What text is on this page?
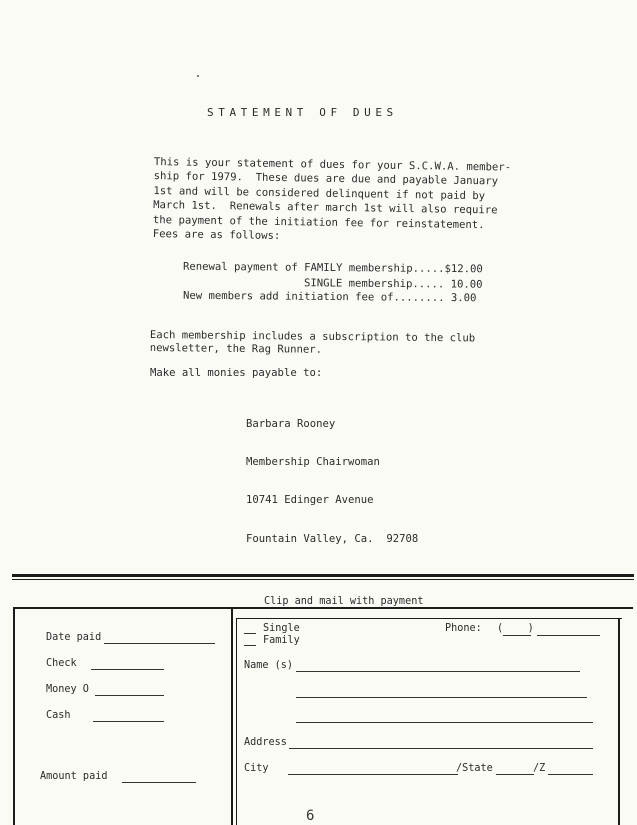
STATEMENT OF DUES
This is your statement of dues for your S.C.W.A. member-
ship for 1979.  These dues are due and payable January
1st and will be considered delinquent if not paid by
March 1st.  Renewals after march 1st will also require
the payment of the initiation fee for reinstatement.
Fees are as follows:
Renewal payment of FAMILY membership.....$12.00
SINGLE membership..... 10.00
New members add initiation fee of........ 3.00
Each membership includes a subscription to the club
newsletter, the Rag Runner.
Make all monies payable to:

Barbara Rooney

Membership Chairwoman

10741 Edinger Avenue

Fountain Valley, Ca.  92708

Clip and mail with payment
Date paid
Check
Money O
Cash
Amount paid
Single
Family
Phone: (    )
Name (s)
Address
City	/State	/Z
6
